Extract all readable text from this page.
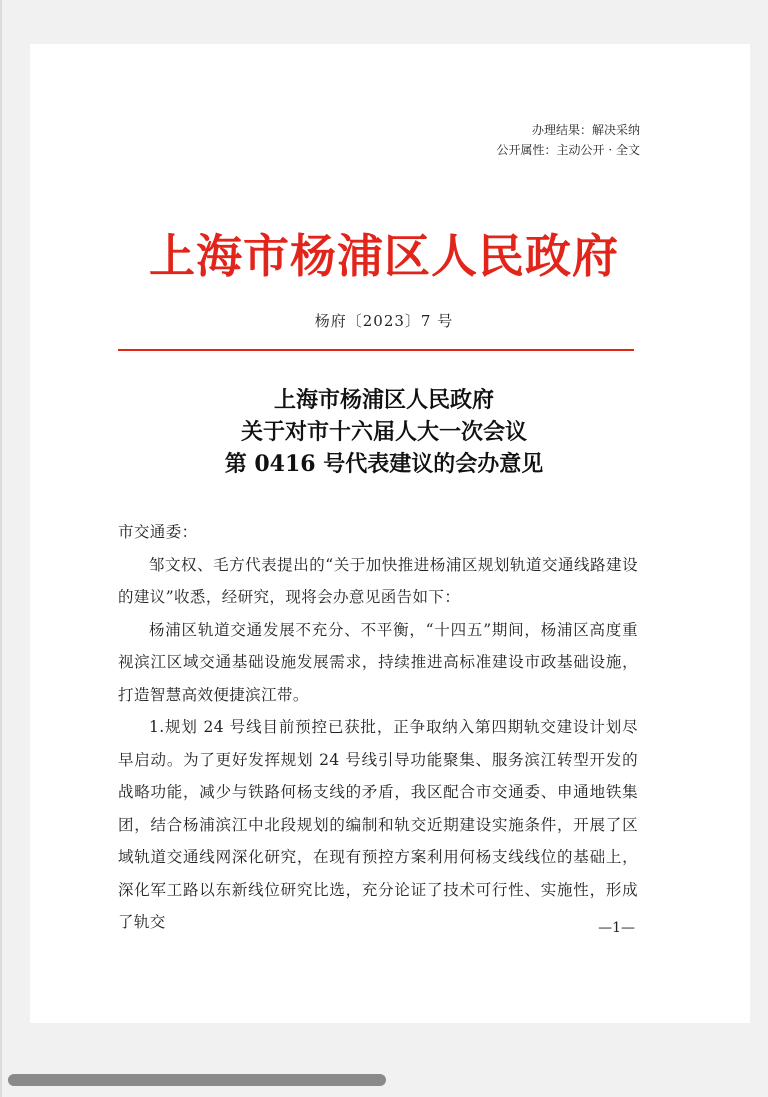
办理结果：解决采纳
公开属性：主动公开 · 全文
上海市杨浦区人民政府
杨府〔2023〕7 号
上海市杨浦区人民政府
关于对市十六届人大一次会议
第 0416 号代表建议的会办意见

市交通委：

邹文权、毛方代表提出的“关于加快推进杨浦区规划轨道交通线路建设的建议”收悉，经研究，现将会办意见函告如下：

杨浦区轨道交通发展不充分、不平衡，“十四五”期间，杨浦区高度重视滨江区域交通基础设施发展需求，持续推进高标准建设市政基础设施，打造智慧高效便捷滨江带。

1.规划 24 号线目前预控已获批，正争取纳入第四期轨交建设计划尽早启动。为了更好发挥规划 24 号线引导功能聚集、服务滨江转型开发的战略功能，减少与铁路何杨支线的矛盾，我区配合市交通委、申通地铁集团，结合杨浦滨江中北段规划的编制和轨交近期建设实施条件，开展了区域轨道交通线网深化研究，在现有预控方案利用何杨支线线位的基础上，深化军工路以东新线位研究比选，充分论证了技术可行性、实施性，形成了轨交	—1—
